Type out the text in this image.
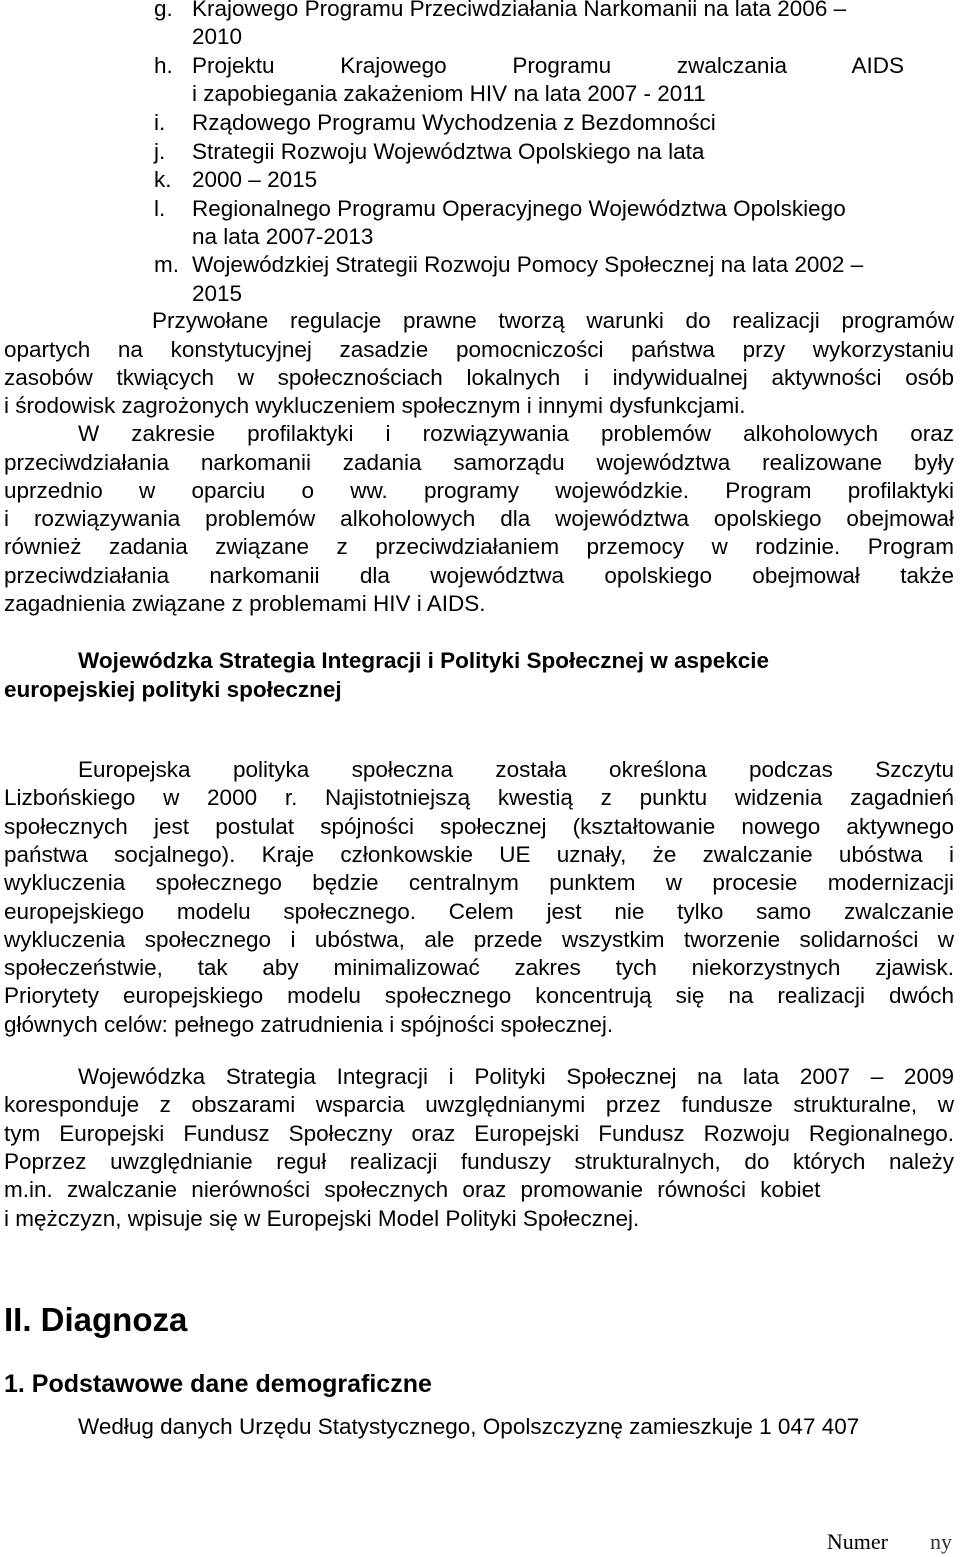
g. Krajowego Programu Przeciwdziałania Narkomanii na lata 2006 –
2010
h. Projektu Krajowego Programu zwalczania AIDS
i zapobiegania zakażeniom HIV na lata 2007 - 2011
i. Rządowego Programu Wychodzenia z Bezdomności
j. Strategii Rozwoju Województwa Opolskiego na lata
k. 2000 – 2015
l. Regionalnego Programu Operacyjnego Województwa Opolskiego
na lata 2007-2013
m. Wojewódzkiej Strategii Rozwoju Pomocy Społecznej na lata 2002 –
2015
Przywołane regulacje prawne tworzą warunki do realizacji programów
opartych na konstytucyjnej zasadzie pomocniczości państwa przy wykorzystaniu
zasobów tkwiących w społecznościach lokalnych i indywidualnej aktywności osób
i środowisk zagrożonych wykluczeniem społecznym i innymi dysfunkcjami.
W zakresie profilaktyki i rozwiązywania problemów alkoholowych oraz
przeciwdziałania narkomanii zadania samorządu województwa realizowane były
uprzednio w oparciu o ww. programy wojewódzkie. Program profilaktyki
i rozwiązywania problemów alkoholowych dla województwa opolskiego obejmował
również zadania związane z przeciwdziałaniem przemocy w rodzinie. Program
przeciwdziałania narkomanii dla województwa opolskiego obejmował także
zagadnienia związane z problemami HIV i AIDS.
Wojewódzka Strategia Integracji i Polityki Społecznej w aspekcie
europejskiej polityki społecznej
Europejska polityka społeczna została określona podczas Szczytu
Lizbońskiego w 2000 r. Najistotniejszą kwestią z punktu widzenia zagadnień
społecznych jest postulat spójności społecznej (kształtowanie nowego aktywnego
państwa socjalnego). Kraje członkowskie UE uznały, że zwalczanie ubóstwa i
wykluczenia społecznego będzie centralnym punktem w procesie modernizacji
europejskiego modelu społecznego. Celem jest nie tylko samo zwalczanie
wykluczenia społecznego i ubóstwa, ale przede wszystkim tworzenie solidarności w
społeczeństwie, tak aby minimalizować zakres tych niekorzystnych zjawisk.
Priorytety europejskiego modelu społecznego koncentrują się na realizacji dwóch
głównych celów: pełnego zatrudnienia i spójności społecznej.
Wojewódzka Strategia Integracji i Polityki Społecznej na lata 2007 – 2009
koresponduje z obszarami wsparcia uwzględnianymi przez fundusze strukturalne, w
tym Europejski Fundusz Społeczny oraz Europejski Fundusz Rozwoju Regionalnego.
Poprzez uwzględnianie reguł realizacji funduszy strukturalnych, do których należy
m.in. zwalczanie nierówności społecznych oraz promowanie równości kobiet
i mężczyzn, wpisuje się w Europejski Model Polityki Społecznej.
II. Diagnoza
1. Podstawowe dane demograficzne
Według danych Urzędu Statystycznego, Opolszczyznę zamieszkuje 1 047 407
Numer ny
